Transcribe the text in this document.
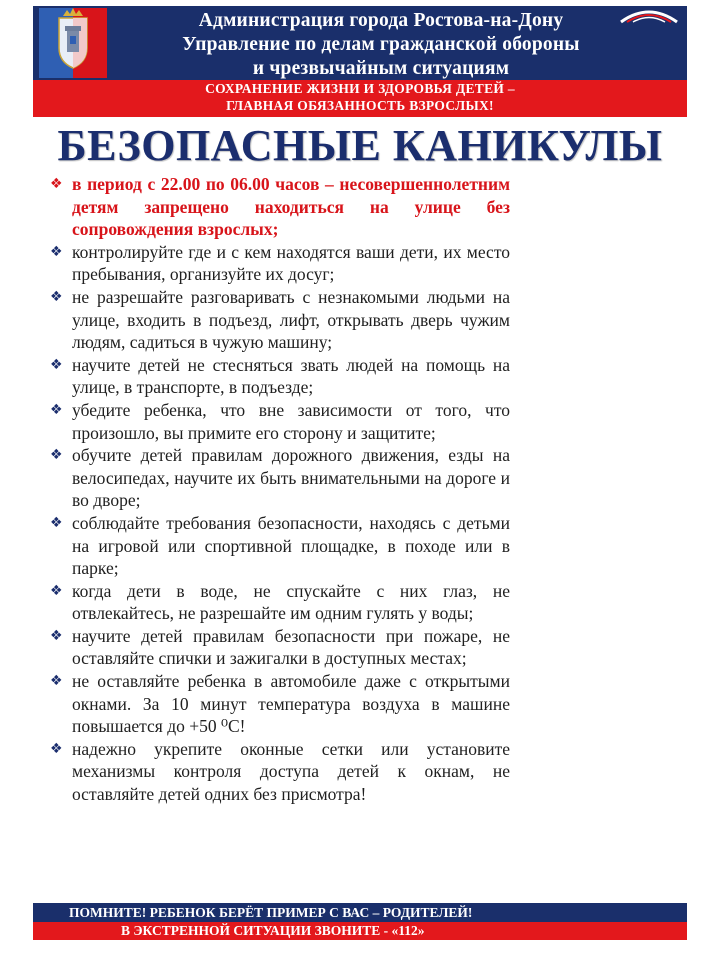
Администрация города Ростова-на-Дону
Управление по делам гражданской обороны
и чрезвычайным ситуациям
СОХРАНЕНИЕ ЖИЗНИ И ЗДОРОВЬЯ ДЕТЕЙ –
ГЛАВНАЯ ОБЯЗАННОСТЬ ВЗРОСЛЫХ!
БЕЗОПАСНЫЕ КАНИКУЛЫ
❖ в период с 22.00 по 06.00 часов – несовершеннолетним детям запрещено находиться на улице без сопровождения взрослых;
❖ контролируйте где и с кем находятся ваши дети, их место пребывания, организуйте их досуг;
❖ не разрешайте разговаривать с незнакомыми людьми на улице, входить в подъезд, лифт, открывать дверь чужим людям, садиться в чужую машину;
❖ научите детей не стесняться звать людей на помощь на улице, в транспорте, в подъезде;
❖ убедите ребенка, что вне зависимости от того, что произошло, вы примите его сторону и защитите;
❖ обучите детей правилам дорожного движения, езды на велосипедах, научите их быть внимательными на дороге и во дворе;
❖ соблюдайте требования безопасности, находясь с детьми на игровой или спортивной площадке, в походе или в парке;
❖ когда дети в воде, не спускайте с них глаз, не отвлекайтесь, не разрешайте им одним гулять у воды;
❖ научите детей правилам безопасности при пожаре, не оставляйте спички и зажигалки в доступных местах;
❖ не оставляйте ребенка в автомобиле даже с открытыми окнами. За 10 минут температура воздуха в машине повышается до +50 ⁰С!
❖ надежно укрепите оконные сетки или установите механизмы контроля доступа детей к окнам, не оставляйте детей одних без присмотра!
ПОМНИТЕ! РЕБЕНОК БЕРЁТ ПРИМЕР С ВАС – РОДИТЕЛЕЙ!
В ЭКСТРЕННОЙ СИТУАЦИИ ЗВОНИТЕ - «112»
